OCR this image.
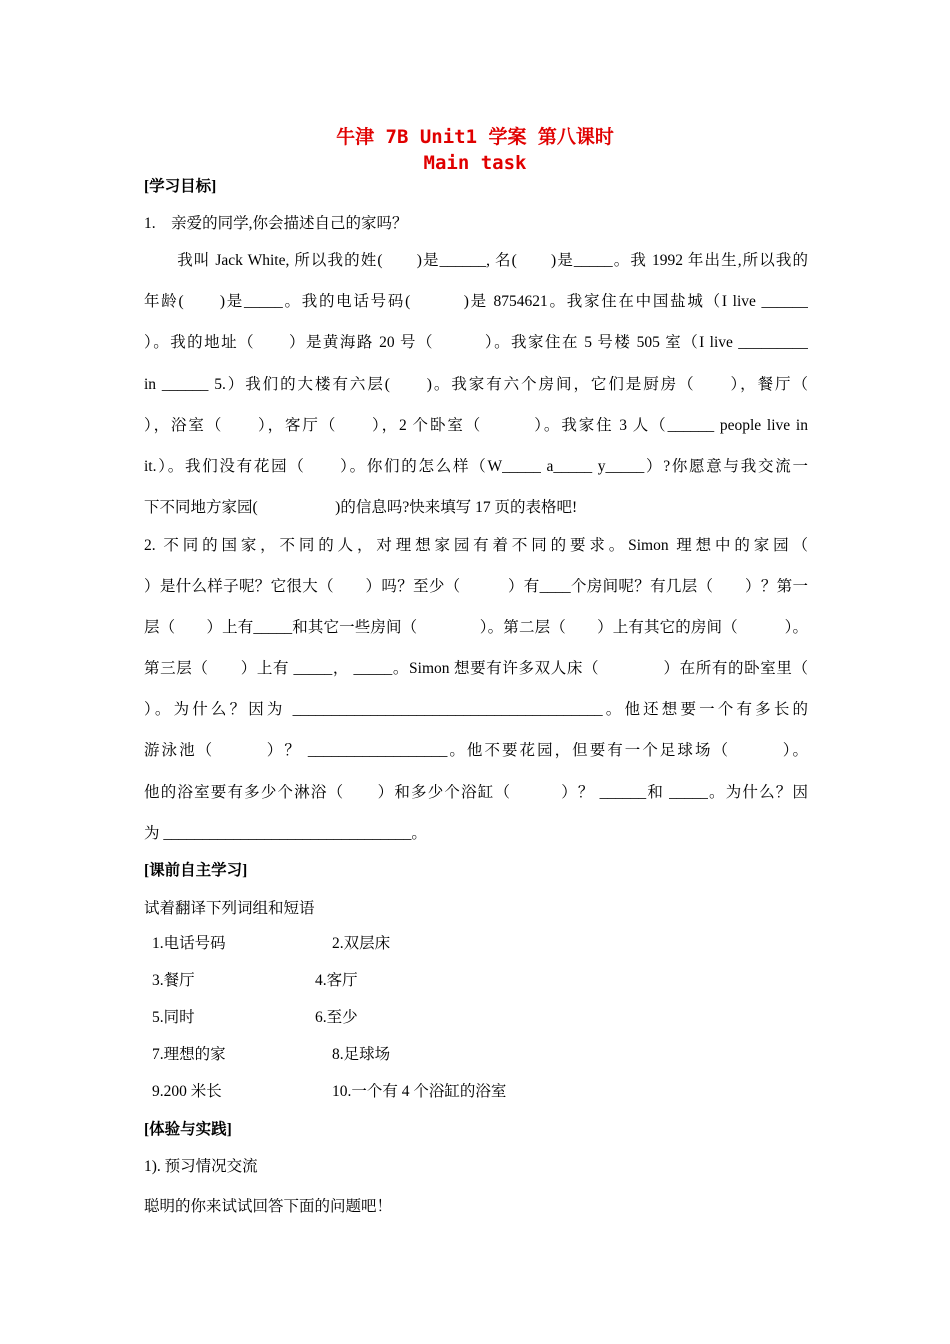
牛津 7B Unit1 学案 第八课时
Main task
[学习目标]
1.　亲爱的同学,你会描述自己的家吗？
　　我叫 Jack White, 所以我的姓(　　)是______, 名(　　)是_____。我 1992 年出生,所以我的
年龄(　　)是_____。我的电话号码(　　　)是 8754621。我家住在中国盐城（I live ______
）。我的地址（　　）是黄海路 20 号（　　　）。我家住在 5 号楼 505 室（I live _________
in ______ 5.）我们的大楼有六层(　　)。我家有六个房间，它们是厨房（　　），餐厅（
），浴室（　　），客厅（　　），2 个卧室（　　　）。我家住 3 人（______ people live in
it.）。我们没有花园（　　）。你们的怎么样（W_____ a_____ y_____）?你愿意与我交流一
下不同地方家园(　　　　　)的信息吗?快来填写 17 页的表格吧!
2. 不同的国家，不同的人，对理想家园有着不同的要求。Simon 理想中的家园（
）是什么样子呢？它很大（　　）吗？至少（　　　）有____个房间呢？有几层（　　）？第一
层（　　）上有_____和其它一些房间（　　　　）。第二层（　　）上有其它的房间（　　　）。
第三层（　　）上有 _____， _____。Simon 想要有许多双人床（　　　　）在所有的卧室里（
）。为什么？因为 ________________________________________。他还想要一个有多长的
游泳池（　　　）？ __________________。他不要花园，但要有一个足球场（　　　）。
他的浴室要有多少个淋浴（　　）和多少个浴缸（　　　）？ ______和 _____。为什么？因
为 ________________________________。
[课前自主学习]
试着翻译下列词组和短语
1.电话号码	2.双层床
3.餐厅	4.客厅
5.同时	6.至少
7.理想的家	8.足球场
9.200 米长	10.一个有 4 个浴缸的浴室
[体验与实践]
1). 预习情况交流
聪明的你来试试回答下面的问题吧！
